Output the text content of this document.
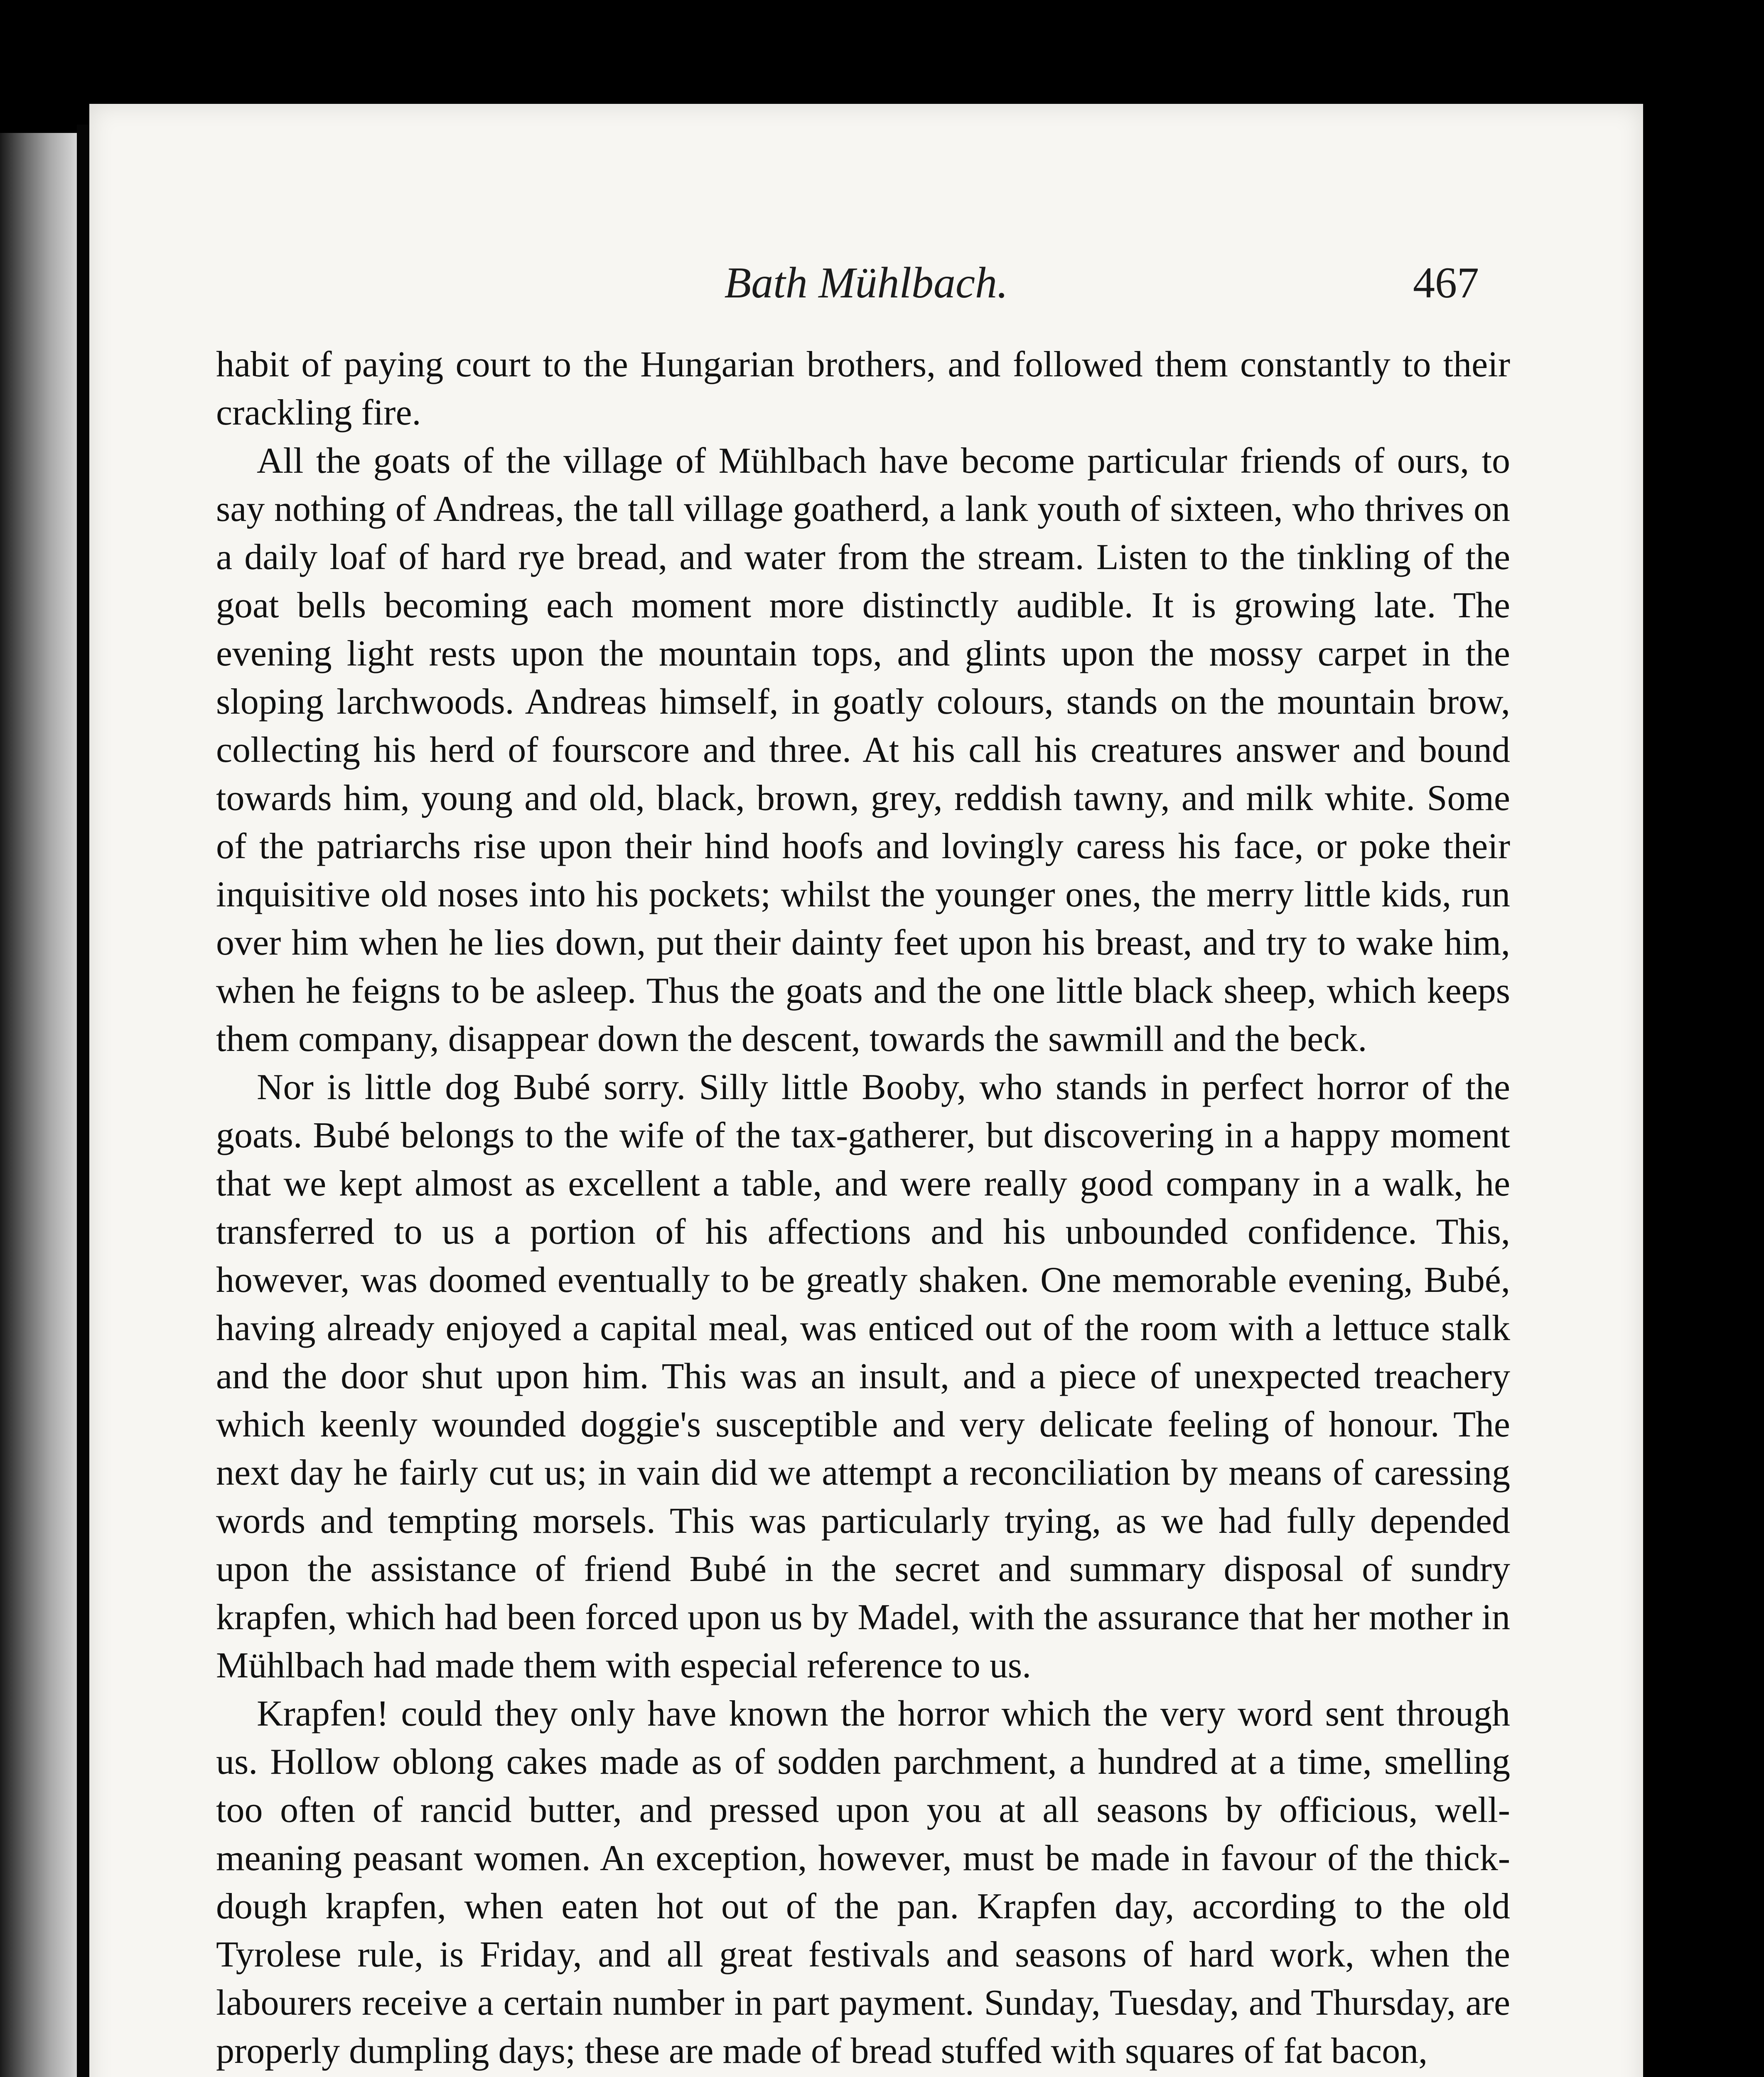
Bath Mühlbach.	467

habit of paying court to the Hungarian brothers, and followed them constantly to their crackling fire.

All the goats of the village of Mühlbach have become particular friends of ours, to say nothing of Andreas, the tall village goatherd, a lank youth of sixteen, who thrives on a daily loaf of hard rye bread, and water from the stream. Listen to the tinkling of the goat bells becoming each moment more distinctly audible. It is growing late. The evening light rests upon the mountain tops, and glints upon the mossy carpet in the sloping larchwoods. Andreas himself, in goatly colours, stands on the mountain brow, collecting his herd of fourscore and three. At his call his creatures answer and bound towards him, young and old, black, brown, grey, reddish tawny, and milk white. Some of the patriarchs rise upon their hind hoofs and lovingly caress his face, or poke their inquisitive old noses into his pockets; whilst the younger ones, the merry little kids, run over him when he lies down, put their dainty feet upon his breast, and try to wake him, when he feigns to be asleep. Thus the goats and the one little black sheep, which keeps them company, disappear down the descent, towards the sawmill and the beck.

Nor is little dog Bubé sorry. Silly little Booby, who stands in perfect horror of the goats. Bubé belongs to the wife of the tax-gatherer, but discovering in a happy moment that we kept almost as excellent a table, and were really good company in a walk, he transferred to us a portion of his affections and his unbounded confidence. This, however, was doomed eventually to be greatly shaken. One memorable evening, Bubé, having already enjoyed a capital meal, was enticed out of the room with a lettuce stalk and the door shut upon him. This was an insult, and a piece of unexpected treachery which keenly wounded doggie's susceptible and very delicate feeling of honour. The next day he fairly cut us; in vain did we attempt a reconciliation by means of caressing words and tempting morsels. This was particularly trying, as we had fully depended upon the assistance of friend Bubé in the secret and summary disposal of sundry krapfen, which had been forced upon us by Madel, with the assurance that her mother in Mühlbach had made them with especial reference to us.

Krapfen! could they only have known the horror which the very word sent through us. Hollow oblong cakes made as of sodden parchment, a hundred at a time, smelling too often of rancid butter, and pressed upon you at all seasons by officious, well-meaning peasant women. An exception, however, must be made in favour of the thick-dough krapfen, when eaten hot out of the pan. Krapfen day, according to the old Tyrolese rule, is Friday, and all great festivals and seasons of hard work, when the labourers receive a certain number in part payment. Sunday, Tuesday, and Thursday, are properly dumpling days; these are made of bread stuffed with squares of fat bacon,
